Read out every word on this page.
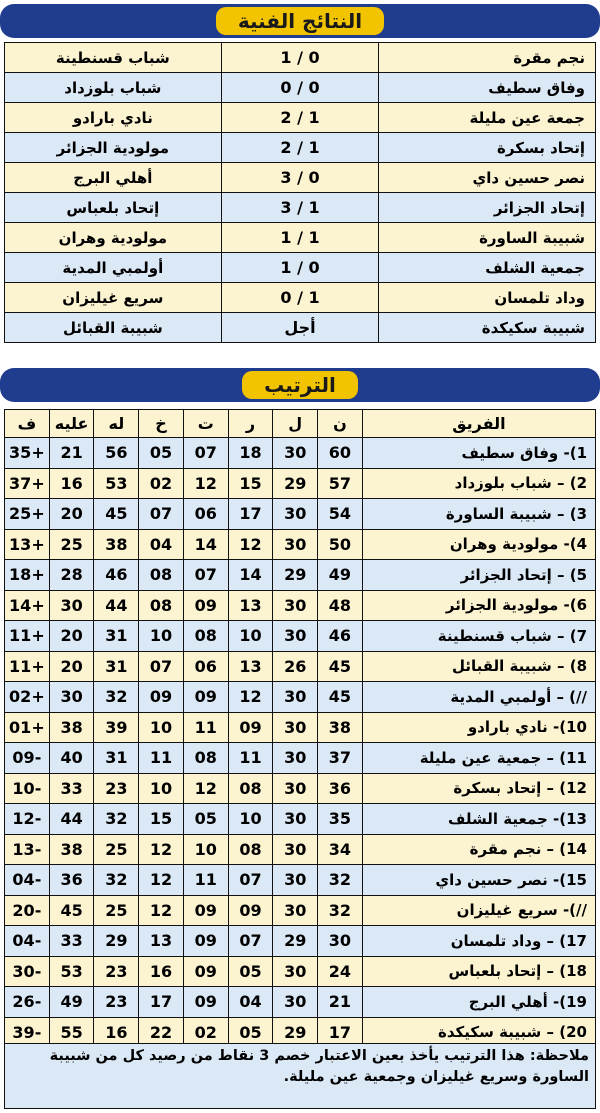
النتائج الفنية
نجم مقرة	0 / 1	شباب قسنطينة
وفاق سطيف	0 / 0	شباب بلوزداد
جمعة عين مليلة	1 / 2	نادي بارادو
إتحاد بسكرة	1 / 2	مولودية الجزائر
نصر حسين داي	0 / 3	أهلي البرج
إتحاد الجزائر	1 / 3	إتحاد بلعباس
شبيبة الساورة	1 / 1	مولودية وهران
جمعية الشلف	0 / 1	أولمبي المدية
وداد تلمسان	1 / 0	سريع غيليزان
شبيبة سكيكدة	أجل	شبيبة القبائل
الترتيب
الفريق	ن	ل	ر	ت	خ	له	عليه	ف
1)- وفاق سطيف	60	30	18	07	05	56	21	+35
2) – شباب بلوزداد	57	29	15	12	02	53	16	+37
3) – شبيبة الساورة	54	30	17	06	07	45	20	+25
4)- مولودية وهران	50	30	12	14	04	38	25	+13
5) – إتحاد الجزائر	49	29	14	07	08	46	28	+18
6)- مولودية الجزائر	48	30	13	09	08	44	30	+14
7) – شباب قسنطينة	46	30	10	08	10	31	20	+11
8) – شبيبة القبائل	45	26	13	06	07	31	20	+11
//) – أولمبي المدية	45	30	12	09	09	32	30	+02
10)- نادي بارادو	38	30	09	11	10	39	38	+01
11) – جمعية عين مليلة	37	30	11	08	11	31	40	-09
12) – إتحاد بسكرة	36	30	08	12	10	23	33	-10
13)- جمعية الشلف	35	30	10	05	15	32	44	-12
14) – نجم مقرة	34	30	08	10	12	25	38	-13
15)- نصر حسين داي	32	30	07	11	12	32	36	-04
//)- سريع غيليزان	32	30	09	09	12	25	45	-20
17) – وداد تلمسان	30	29	07	09	13	29	33	-04
18) – إتحاد بلعباس	24	30	05	09	16	23	53	-30
19)- أهلي البرج	21	30	04	09	17	23	49	-26
20) – شبيبة سكيكدة	17	29	05	02	22	16	55	-39
ملاحظة: هذا الترتيب يأخذ بعين الاعتبار خصم 3 نقاط من رصيد كل من شبيبة الساورة وسريع غيليزان وجمعية عين مليلة.
